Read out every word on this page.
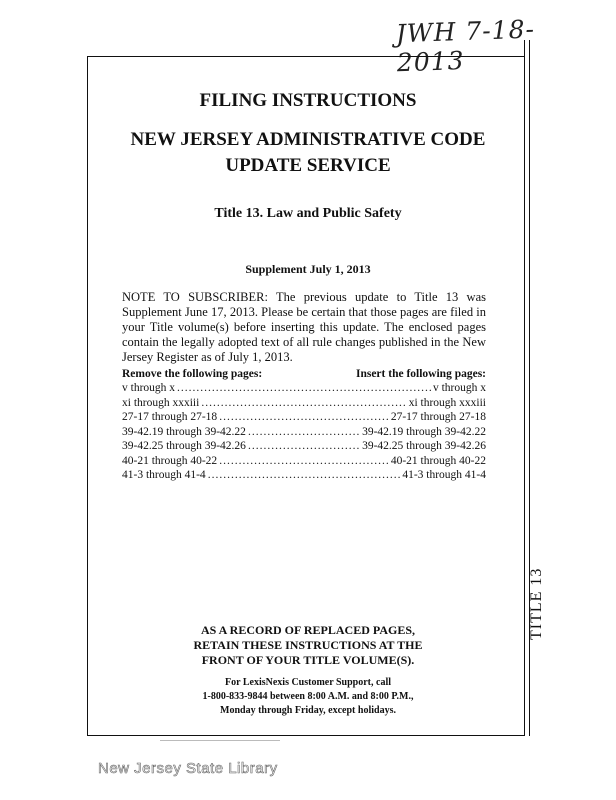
JWH 7-18-2013
TITLE 13
FILING INSTRUCTIONS
NEW JERSEY ADMINISTRATIVE CODE
UPDATE SERVICE
Title 13. Law and Public Safety
Supplement July 1, 2013
NOTE TO SUBSCRIBER: The previous update to Title 13 was Supplement June 17, 2013. Please be certain that those pages are filed in your Title volume(s) before inserting this update. The enclosed pages contain the legally adopted text of all rule changes published in the New Jersey Register as of July 1, 2013.
Remove the following pages:	Insert the following pages:
v through x .....	v through x
xi through xxxiii .....	xi through xxxiii
27-17 through 27-18 .....	27-17 through 27-18
39-42.19 through 39-42.22 .....	39-42.19 through 39-42.22
39-42.25 through 39-42.26 .....	39-42.25 through 39-42.26
40-21 through 40-22 .....	40-21 through 40-22
41-3 through 41-4 .....	41-3 through 41-4
AS A RECORD OF REPLACED PAGES,
RETAIN THESE INSTRUCTIONS AT THE
FRONT OF YOUR TITLE VOLUME(S).
For LexisNexis Customer Support, call
1-800-833-9844 between 8:00 A.M. and 8:00 P.M.,
Monday through Friday, except holidays.
New Jersey State Library
